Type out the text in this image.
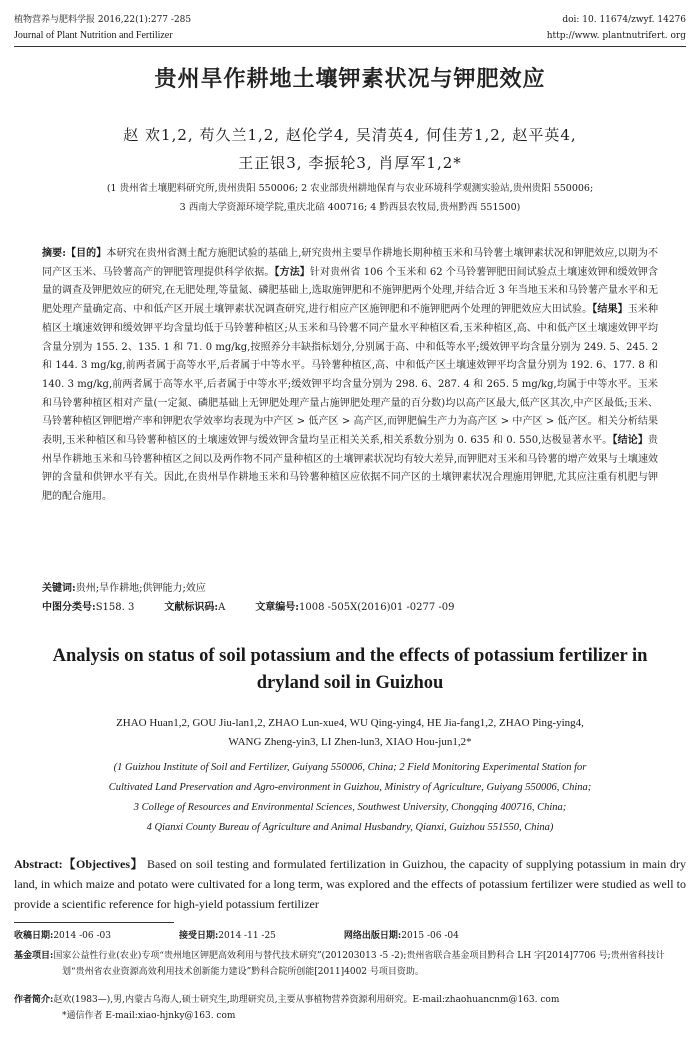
植物营养与肥料学报 2016,22(1):277 -285	doi: 10. 11674/zwyf. 14276
Journal of Plant Nutrition and Fertilizer	http://www. plantnutrifert. org
贵州旱作耕地土壤钾素状况与钾肥效应
赵 欢1,2, 苟久兰1,2, 赵伦学4, 吴清英4, 何佳芳1,2, 赵平英4,
王正银3, 李振轮3, 肖厚军1,2*
(1 贵州省土壤肥料研究所,贵州贵阳 550006; 2 农业部贵州耕地保育与农业环境科学观测实验站,贵州贵阳 550006;
3 西南大学资源环境学院,重庆北碚 400716; 4 黔西县农牧局,贵州黔西 551500)
摘要:【目的】本研究在贵州省测土配方施肥试验的基础上,研究贵州主要旱作耕地长期种植玉米和马铃薯土壤钾素状况和钾肥效应,以期为不同产区玉米、马铃薯高产的钾肥管理提供科学依据。【方法】针对贵州省 106 个玉米和 62 个马铃薯钾肥田间试验点土壤速效钾和缓效钾含量的调查及钾肥效应的研究,在无肥处理,等量氮、磷肥基础上,选取施钾肥和不施钾肥两个处理,并结合近 3 年当地玉米和马铃薯产量水平和无肥处理产量确定高、中和低产区开展土壤钾素状况调查研究,进行相应产区施钾肥和不施钾肥两个处理的钾肥效应大田试验。【结果】玉米种植区土壤速效钾和缓效钾平均含量均低于马铃薯种植区;从玉米和马铃薯不同产量水平种植区看,玉米种植区,高、中和低产区土壤速效钾平均含量分别为 155. 2、135. 1 和 71. 0 mg/kg,按照养分丰缺指标划分,分别属于高、中和低等水平;缓效钾平均含量分别为 249. 5、245. 2 和 144. 3 mg/kg,前两者属于高等水平,后者属于中等水平。马铃薯种植区,高、中和低产区土壤速效钾平均含量分别为 192. 6、177. 8 和 140. 3 mg/kg,前两者属于高等水平,后者属于中等水平;缓效钾平均含量分别为 298. 6、287. 4 和 265. 5 mg/kg,均属于中等水平。玉米和马铃薯种植区相对产量(一定氮、磷肥基础上无钾肥处理产量占施钾肥处理产量的百分数)均以高产区最大,低产区其次,中产区最低;玉米、马铃薯种植区钾肥增产率和钾肥农学效率均表现为中产区 > 低产区 > 高产区,而钾肥偏生产力为高产区 > 中产区 > 低产区。相关分析结果表明,玉米种植区和马铃薯种植区的土壤速效钾与缓效钾含量均呈正相关关系,相关系数分别为 0. 635 和 0. 550,达极显著水平。【结论】贵州旱作耕地玉米和马铃薯种植区之间以及两作物不同产量种植区的土壤钾素状况均有较大差异,而钾肥对玉米和马铃薯的增产效果与土壤速效钾的含量和供钾水平有关。因此,在贵州旱作耕地玉米和马铃薯种植区应依据不同产区的土壤钾素状况合理施用钾肥,尤其应注重有机肥与钾肥的配合施用。
关键词:贵州;旱作耕地;供钾能力;效应
中图分类号:S158. 3	文献标识码:A	文章编号:1008 -505X(2016)01 -0277 -09
Analysis on status of soil potassium and the effects of potassium fertilizer in dryland soil in Guizhou
ZHAO Huan1,2, GOU Jiu-lan1,2, ZHAO Lun-xue4, WU Qing-ying4, HE Jia-fang1,2, ZHAO Ping-ying4,
WANG Zheng-yin3, LI Zhen-lun3, XIAO Hou-jun1,2*
(1 Guizhou Institute of Soil and Fertilizer, Guiyang 550006, China; 2 Field Monitoring Experimental Station for
Cultivated Land Preservation and Agro-environment in Guizhou, Ministry of Agriculture, Guiyang 550006, China;
3 College of Resources and Environmental Sciences, Southwest University, Chongqing 400716, China;
4 Qianxi County Bureau of Agriculture and Animal Husbandry, Qianxi, Guizhou 551550, China)
Abstract:【Objectives】 Based on soil testing and formulated fertilization in Guizhou, the capacity of supplying potassium in main dry land, in which maize and potato were cultivated for a long term, was explored and the effects of potassium fertilizer were studied as well to provide a scientific reference for high-yield potassium fertilizer
收稿日期:2014 -06 -03	接受日期:2014 -11 -25	网络出版日期:2015 -06 -04
基金项目:国家公益性行业(农业)专项“贵州地区钾肥高效利用与替代技术研究”(201203013 -5 -2);贵州省联合基金项目黔科合 LH 字[2014]7706 号;贵州省科技计划“贵州省农业资源高效利用技术创新能力建设”黔科合院所创能[2011]4002 号项目资助。
作者简介:赵欢(1983—),男,内蒙古乌海人,硕士研究生,助理研究员,主要从事植物营养资源利用研究。E-mail:zhaohuancnm@163. com
*通信作者 E-mail:xiao-hjnky@163. com
